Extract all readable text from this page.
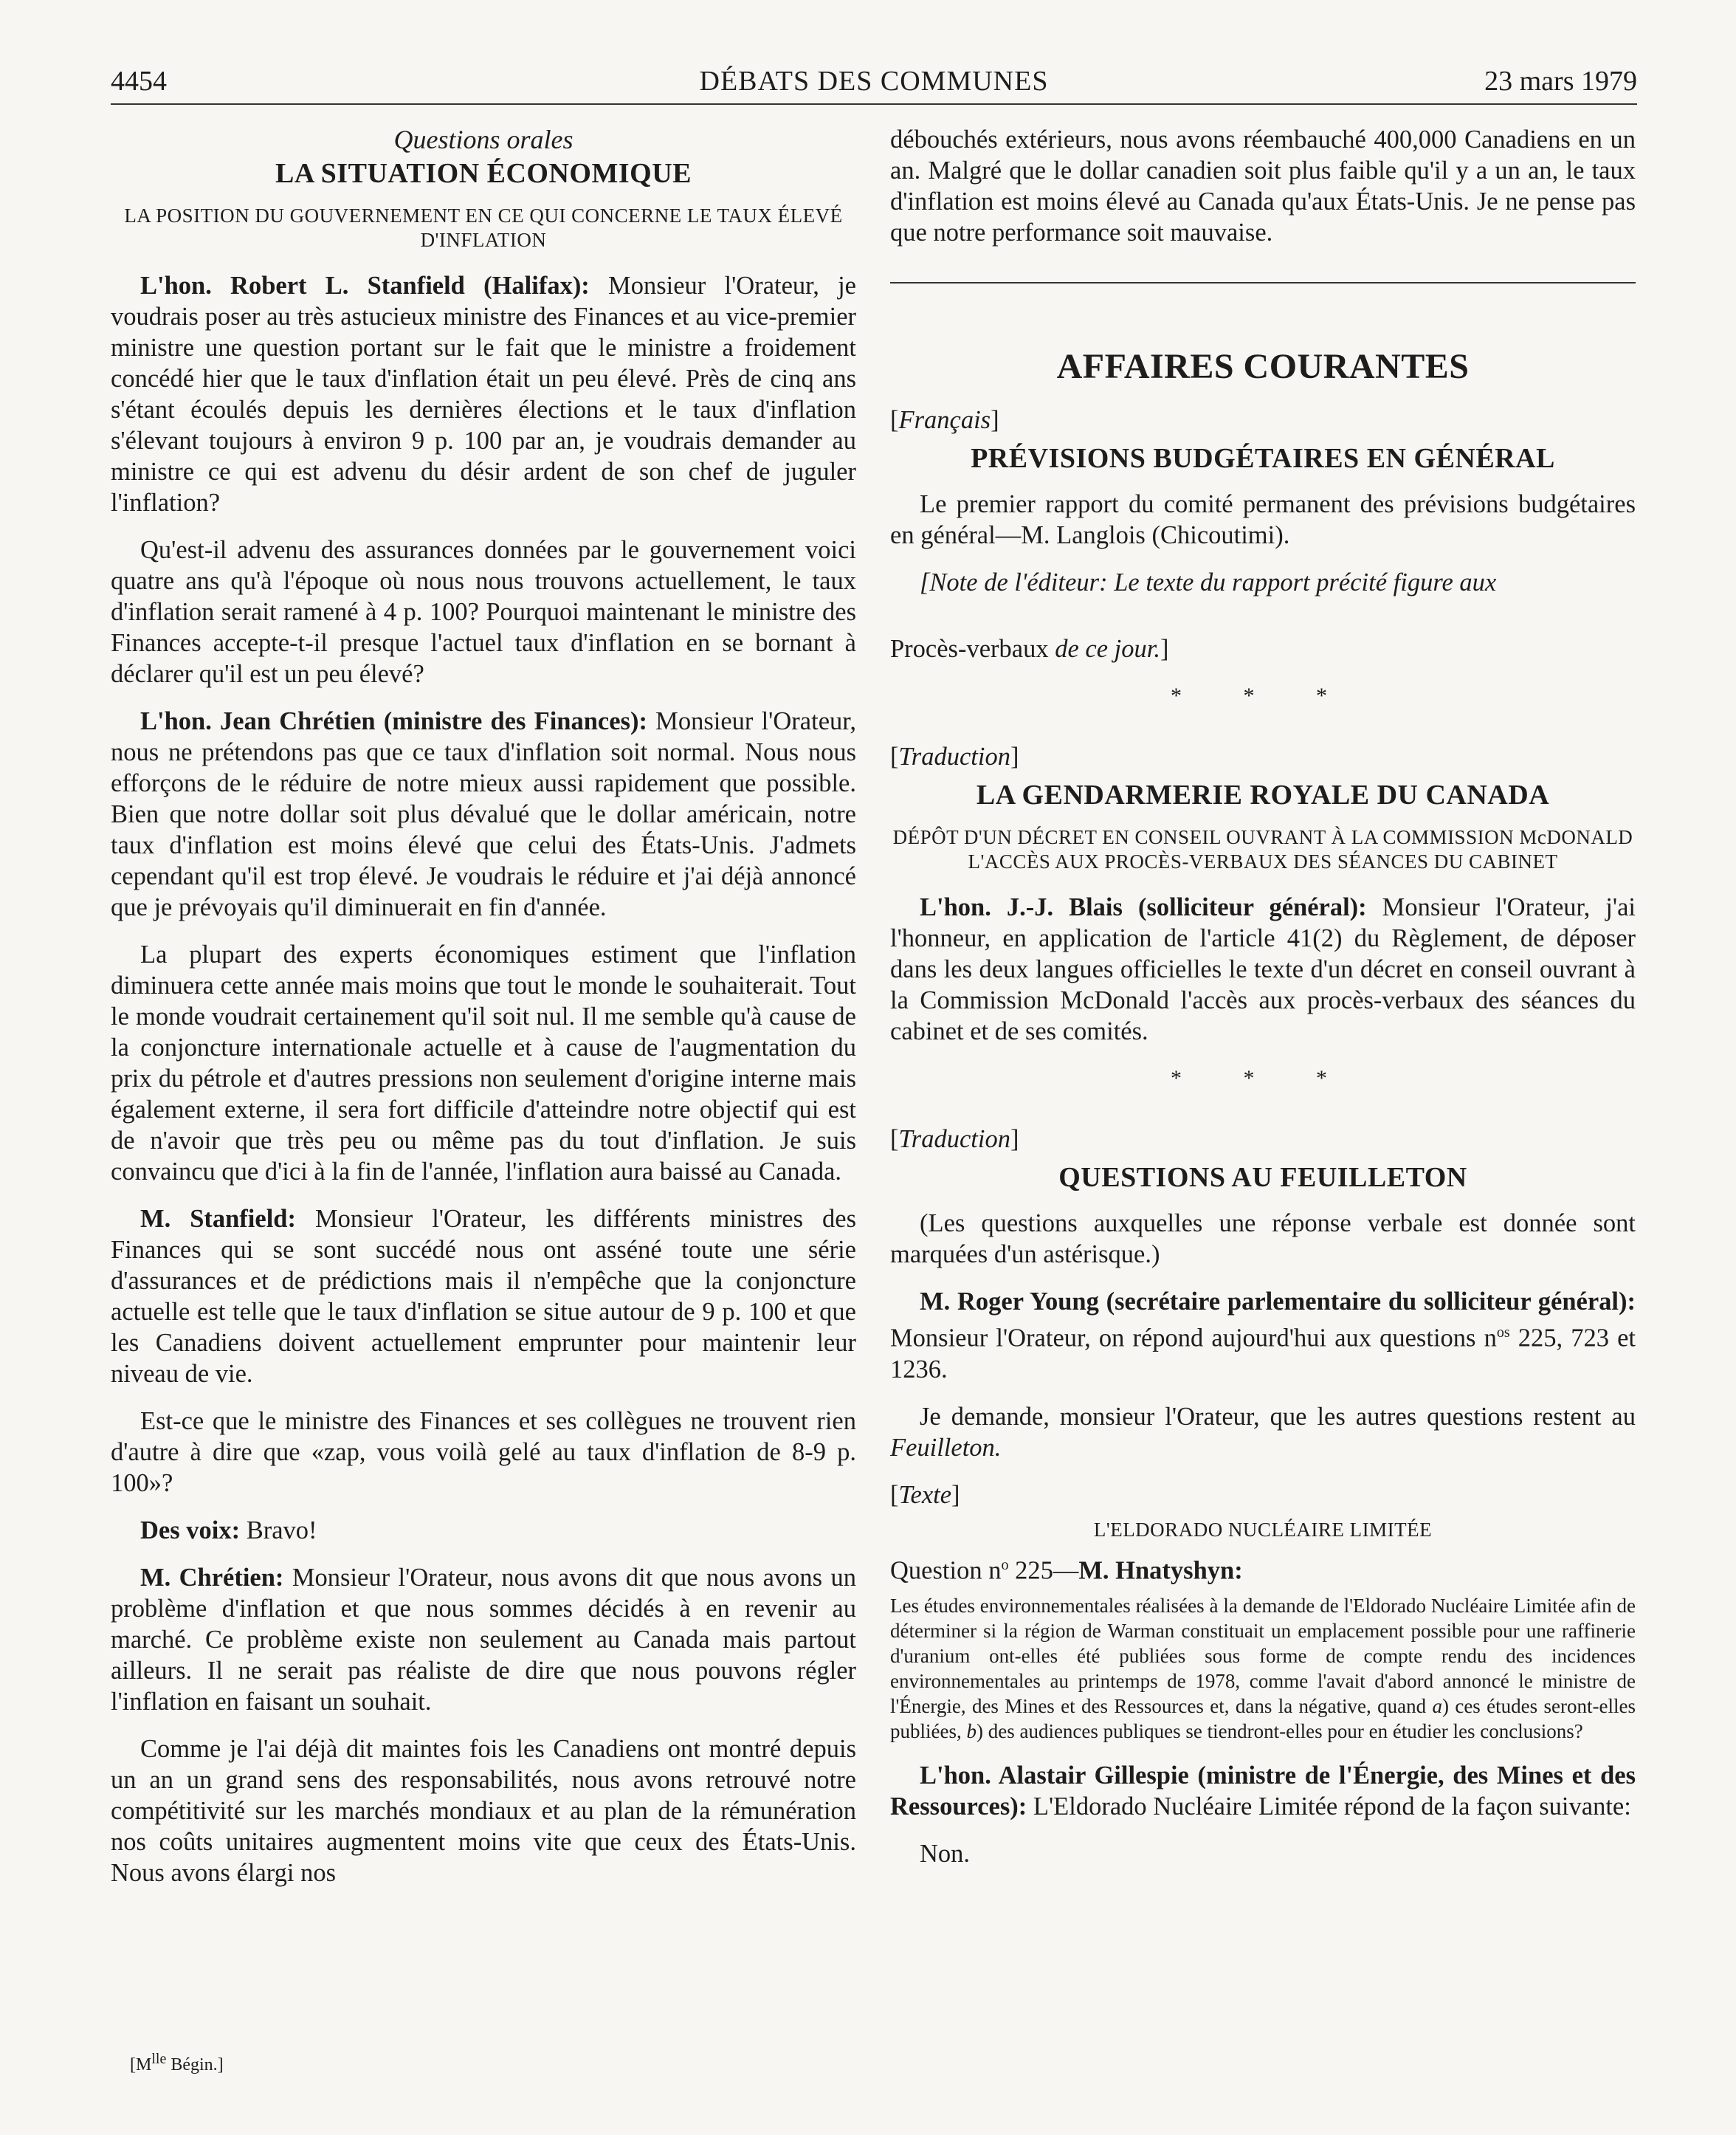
4454	DÉBATS DES COMMUNES	23 mars 1979

Questions orales

LA SITUATION ÉCONOMIQUE

LA POSITION DU GOUVERNEMENT EN CE QUI CONCERNE LE TAUX ÉLEVÉ D'INFLATION

L'hon. Robert L. Stanfield (Halifax): Monsieur l'Orateur, je voudrais poser au très astucieux ministre des Finances et au vice-premier ministre une question portant sur le fait que le ministre a froidement concédé hier que le taux d'inflation était un peu élevé. Près de cinq ans s'étant écoulés depuis les dernières élections et le taux d'inflation s'élevant toujours à environ 9 p. 100 par an, je voudrais demander au ministre ce qui est advenu du désir ardent de son chef de juguler l'inflation?

Qu'est-il advenu des assurances données par le gouvernement voici quatre ans qu'à l'époque où nous nous trouvons actuellement, le taux d'inflation serait ramené à 4 p. 100? Pourquoi maintenant le ministre des Finances accepte-t-il presque l'actuel taux d'inflation en se bornant à déclarer qu'il est un peu élevé?

L'hon. Jean Chrétien (ministre des Finances): Monsieur l'Orateur, nous ne prétendons pas que ce taux d'inflation soit normal. Nous nous efforçons de le réduire de notre mieux aussi rapidement que possible. Bien que notre dollar soit plus dévalué que le dollar américain, notre taux d'inflation est moins élevé que celui des États-Unis. J'admets cependant qu'il est trop élevé. Je voudrais le réduire et j'ai déjà annoncé que je prévoyais qu'il diminuerait en fin d'année.

La plupart des experts économiques estiment que l'inflation diminuera cette année mais moins que tout le monde le souhaiterait. Tout le monde voudrait certainement qu'il soit nul. Il me semble qu'à cause de la conjoncture internationale actuelle et à cause de l'augmentation du prix du pétrole et d'autres pressions non seulement d'origine interne mais également externe, il sera fort difficile d'atteindre notre objectif qui est de n'avoir que très peu ou même pas du tout d'inflation. Je suis convaincu que d'ici à la fin de l'année, l'inflation aura baissé au Canada.

M. Stanfield: Monsieur l'Orateur, les différents ministres des Finances qui se sont succédé nous ont asséné toute une série d'assurances et de prédictions mais il n'empêche que la conjoncture actuelle est telle que le taux d'inflation se situe autour de 9 p. 100 et que les Canadiens doivent actuellement emprunter pour maintenir leur niveau de vie.

Est-ce que le ministre des Finances et ses collègues ne trouvent rien d'autre à dire que «zap, vous voilà gelé au taux d'inflation de 8-9 p. 100»?

Des voix: Bravo!

M. Chrétien: Monsieur l'Orateur, nous avons dit que nous avons un problème d'inflation et que nous sommes décidés à en revenir au marché. Ce problème existe non seulement au Canada mais partout ailleurs. Il ne serait pas réaliste de dire que nous pouvons régler l'inflation en faisant un souhait.

Comme je l'ai déjà dit maintes fois les Canadiens ont montré depuis un an un grand sens des responsabilités, nous avons retrouvé notre compétitivité sur les marchés mondiaux et au plan de la rémunération nos coûts unitaires augmentent moins vite que ceux des États-Unis. Nous avons élargi nos

[$M^{lle}$ Bégin.]

débouchés extérieurs, nous avons réembauché 400,000 Canadiens en un an. Malgré que le dollar canadien soit plus faible qu'il y a un an, le taux d'inflation est moins élevé au Canada qu'aux États-Unis. Je ne pense pas que notre performance soit mauvaise.

AFFAIRES COURANTES

[Français]

PRÉVISIONS BUDGÉTAIRES EN GÉNÉRAL

Le premier rapport du comité permanent des prévisions budgétaires en général—M. Langlois (Chicoutimi).

[Note de l'éditeur: Le texte du rapport précité figure aux

Procès-verbaux de ce jour.]

* * *

[Traduction]

LA GENDARMERIE ROYALE DU CANADA

DÉPÔT D'UN DÉCRET EN CONSEIL OUVRANT À LA COMMISSION McDONALD L'ACCÈS AUX PROCÈS-VERBAUX DES SÉANCES DU CABINET

L'hon. J.-J. Blais (solliciteur général): Monsieur l'Orateur, j'ai l'honneur, en application de l'article 41(2) du Règlement, de déposer dans les deux langues officielles le texte d'un décret en conseil ouvrant à la Commission McDonald l'accès aux procès-verbaux des séances du cabinet et de ses comités.

* * *

[Traduction]

QUESTIONS AU FEUILLETON

(Les questions auxquelles une réponse verbale est donnée sont marquées d'un astérisque.)

M. Roger Young (secrétaire parlementaire du solliciteur général): Monsieur l'Orateur, on répond aujourd'hui aux questions $n^{os}$ 225, 723 et 1236.

Je demande, monsieur l'Orateur, que les autres questions restent au Feuilleton.

[Texte]

L'ELDORADO NUCLÉAIRE LIMITÉE

Question $n^o$ 225—M. Hnatyshyn:

Les études environnementales réalisées à la demande de l'Eldorado Nucléaire Limitée afin de déterminer si la région de Warman constituait un emplacement possible pour une raffinerie d'uranium ont-elles été publiées sous forme de compte rendu des incidences environnementales au printemps de 1978, comme l'avait d'abord annoncé le ministre de l'Énergie, des Mines et des Ressources et, dans la négative, quand a) ces études seront-elles publiées, b) des audiences publiques se tiendront-elles pour en étudier les conclusions?

L'hon. Alastair Gillespie (ministre de l'Énergie, des Mines et des Ressources): L'Eldorado Nucléaire Limitée répond de la façon suivante:

Non.
